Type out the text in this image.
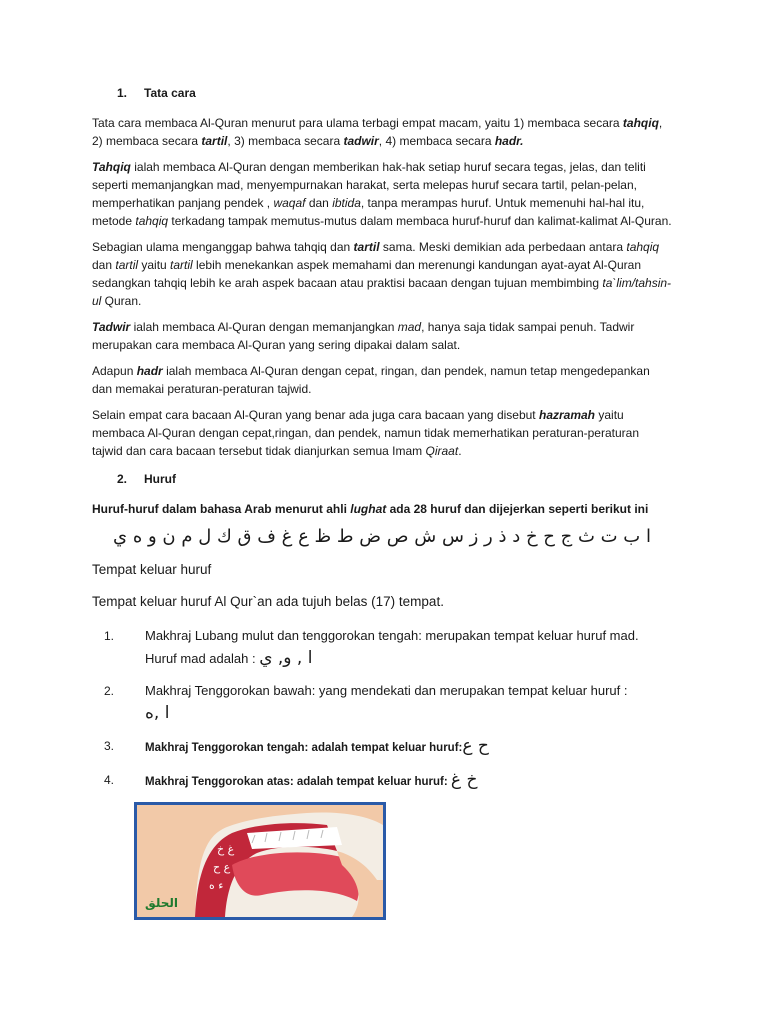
1.	Tata cara

Tata cara membaca Al-Quran menurut para ulama terbagi empat macam, yaitu 1) membaca secara tahqiq, 2) membaca secara tartil, 3) membaca secara tadwir, 4) membaca secara hadr.

Tahqiq ialah membaca Al-Quran dengan memberikan hak-hak setiap huruf secara tegas, jelas, dan teliti seperti memanjangkan mad, menyempurnakan harakat, serta melepas huruf secara tartil, pelan-pelan, memperhatikan panjang pendek , waqaf dan ibtida, tanpa merampas huruf. Untuk memenuhi hal-hal itu, metode tahqiq terkadang tampak memutus-mutus dalam membaca huruf-huruf dan kalimat-kalimat Al-Quran.

Sebagian ulama menganggap bahwa tahqiq dan tartil sama. Meski demikian ada perbedaan antara tahqiq dan tartil yaitu tartil lebih menekankan aspek memahami dan merenungi kandungan ayat-ayat Al-Quran sedangkan tahqiq lebih ke arah aspek bacaan atau praktisi bacaan dengan tujuan membimbing ta`lim/tahsin-ul Quran.

Tadwir ialah membaca Al-Quran dengan memanjangkan mad, hanya saja tidak sampai penuh. Tadwir merupakan cara membaca Al-Quran yang sering dipakai dalam salat.

Adapun hadr ialah membaca Al-Quran dengan cepat, ringan, dan pendek, namun tetap mengedepankan dan memakai peraturan-peraturan tajwid.

Selain empat cara bacaan Al-Quran yang benar ada juga cara bacaan yang disebut hazramah yaitu membaca Al-Quran dengan cepat,ringan, dan pendek, namun tidak memerhatikan peraturan-peraturan tajwid dan cara bacaan tersebut tidak dianjurkan semua Imam Qiraat.

2.	Huruf

Huruf-huruf dalam bahasa Arab menurut ahli lughat ada 28 huruf dan dijejerkan seperti berikut ini

ا ب ت ث ج ح خ د ذ ر ز س ش ص ض ط ظ ع غ ف ق ك ل م ن و ه ي

Tempat keluar huruf

Tempat keluar huruf Al Qur`an ada tujuh belas (17) tempat.

1.	Makhraj Lubang mulut dan tenggorokan tengah: merupakan tempat keluar huruf mad. Huruf mad adalah : ا , و, ي
2.	Makhraj Tenggorokan bawah: yang mendekati dan merupakan tempat keluar huruf :
ا ,ه
3.	Makhraj Tenggorokan tengah: adalah tempat keluar huruf:ح ع
4.	Makhraj Tenggorokan atas: adalah tempat keluar huruf: خ غ
غ خ
ع ح
ء ه
الحلق
